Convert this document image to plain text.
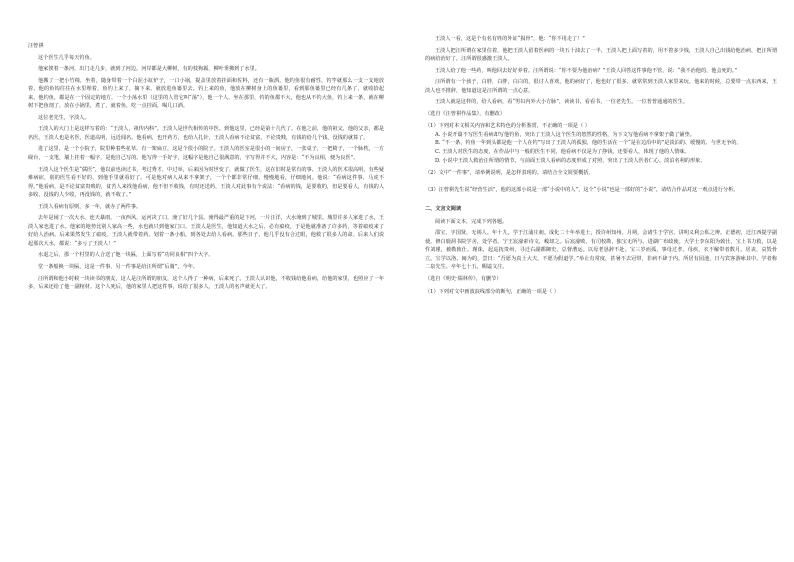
汪曾祺

这个医生几乎每天钓鱼。

他家挨着一条河，出门走几步，就到了河边。河岸都是大柳树，有的枝狗霸，柳叶垂拂到了水里。

他搬了一把小竹椅，坐着，随身带着一个白泥小缸炉子，一口小锅，提盖里放着挂面和佐料，还有一瓶酒。他钓鱼很有耐性，钓竿就那么一支一支地放着，他的鱼钩往往在水里埋着，鱼钓上来了，摘下来，就放进鱼篓里去。钓上来的鱼，他放在柳树身上的鱼篓里，看到那鱼篓里已经有几条了，就收拾起来。他钓鱼，都是在一个固定的地方，一个小荡水里（这里的人管它叫“荡”），他一个人，坐在那里，钓的鱼都不大，他也从不钓大鱼，钓上来一条，就在柳树下把鱼剖了，放在小锅里，煮了，就着鱼，吃一点挂面，喝几口酒。

这位老先生，字淡人。

王淡人的大门上是这样写着的：“王淡人，祖传内科”。王淡人是世代相传的中医。到他这里，已经是第十几代了。在他之前，他的祖父，他的父亲，都是名医。王淡人也是名医，医道高明，远近闻名。他看病，也开药方，也给人扎针，王淡人看病不论贫富，不论贵贱，有钱的给几个钱，没钱的就算了。

进了这里，是一个小院子，院里种着些花草。有一架扁豆，这是个很小的院子。王淡人的医室是很小的一间房子，一张桌子，一把椅子，一个脉枕，一方砚台，一支笔，墙上挂着一幅字，是他自己写的。他写得一手好字，这幅字是他自己很满意的，字写得并不大，内容是：“不为良相，便为良医”。

王淡人这个医生是“儒医”，他以前也读过书，考过秀才，中过举，后来因为时世变了，就做了医生，这在旧时是常有的事。王淡人的医术很高明，有些疑难病症，别的医生看不好的，到他手里就看好了。可是他对病人从来不拿架子，一个个都非常仔细，慢慢地看，仔细地问。他说：“看病这件事，马虎不得。”他看病，是不论贫富贵贱的，贫苦人来找他看病，他不但不收钱，有时还送药，王淡人对此事有个说法：“看病的钱，是要收的，但是要看人，有钱的人多收，没钱的人少收，再没钱的，就不收了。”

王淡人看病有原则，多一年，就办了两件事。

去年是闹了一次大水。连天暴雨，一夜西风，运河决了口，淹了好几个县。淹得最严重的是下河，一片汪洋，大水淹到了城里。城里许多人家进了水，王淡人家也进了水。他家的地势比别人家高一些，水也就只到他家门口。王淡人是医生，他知道大水之后，必有瘟疫，于是他就准备了许多药，等着瘟疫来了好给人治病。后来果然发生了瘟疫。王淡人就带着药，划着一条小船，到各处去给人看病。那些日子，他几乎没有合过眼，他救了很多人的命。后来人们说起那次大水，都说：“多亏了王淡人！”

水退之后，那一个村里的人合送了他一块匾，上面写着“功同良相”四个大字。

堂一条船换一块匾，这是一件事，另一件事是给汪所谓“后骑”，今年。

汪所谓和他小时候一块读书的朋友，这人是汪所谓的朋友，这个人得了一种病，后来死了。王淡人认识他，不收钱给他看病，给他的家里，也照应了一年多，后来还给了他一副棺材。这个人死后，他的家里人把这件事，说给了很多人，王淡人的名声就更大了。

王淡人一看，这是个有名有姓的外证“损骨”，他：“你不用走了！”

王淡人把汪所谓在家里住着，他把王淡人留着医病的一块五十油去了一半，王淡人把上面写着的，用不着多少钱，王淡人自己出钱给他治病，把汪所谓的病给治好了，汪所谓很感激王淡人。

王淡人给了他一些药，叫他回去好好养着。汪所谓说：“你不要为他治病？”王淡人回答这件事他不管，说：“我不治他的，他会死的。”

汪所谓有一个孩子，白胖，白胖，白白的，很讨人喜欢，他的病好了，他也好了很多，就常常到王淡人家里来玩。他来的时候，总要带一点东西来，王淡人也不推辞，他知道这是汪所谓的一点心意。

王淡人就是这样的，给人看病，看“男妇内外大小方脉”，读读书，看看书，一位老先生。一位普普通通的医生。

（选自《汪曾祺作品集》，有删改）

（1）下列对本文相关内容和艺术特色的分析鉴赏，不正确的一项是（ ）

A. 小说开篇不写医生看病却写他钓鱼，突出了王淡人这个医生的悠然的性格，为下文写他看病不拿架子做了铺垫。

B. “不一条，钓鱼一年到头都是他一个人在钓”写出了王淡人的孤独，他的生活在一个“是在边沿中的”是淡泊的、缓慢的、与世无争的。

C. 王淡人对医生的态度，在作品中与一般的医生不同，他看病不仅是为了挣钱，还要看人，体现了他的人情味。

D. 小说中王淡人救治汪所谓的情节，与前面王淡人看病的态度形成了对照，突出了王淡人医者仁心、淡泊名利的形象。

（2）文中“一件事”，请举例说明，是怎样表现的。请结合全文简要概括。

（3）汪曾祺先生说“经营生活”，他的这部小说是一部“小说中的人”，这个“小说”也是一部好的“小说”，请结合作品对这一观点进行分析。

二、文言文阅读

阅读下面文本，完成下列各题。

邵宝，字国贤，无锡人。年十九，学于江浦庄昶。成化二十年举进士，授许州知州。月朔，会诸生于学宫，讲明义利公私之辨。正德初，迁江西提学副使。修白鹿洞书院学舍，处学者。宁王宸濠索诗文，峻却之。后宸濠败，有司校勘，独宝无所与。进湖广布政使。大学士李东阳为致仕，宝上书力救，以是忤刘瑾，被勒致仕。瑾诛，起巡抚贵州，寻迁右副都御史，总督漕运。以母老恳辞不赴。宝三岁而孤，事母过孝。母疾，衣不解带者数月。居丧，哀毁骨立。宝学以洛、闽为的，尝曰：“吾愿为真士大夫，不愿为假道学。”举止有常度，甚暑不去冠带，非病不肆于内。所居有园池，日与宾客游咏其中。学者称二泉先生。卒年七十五，赐谥文庄。

（选自《明史·儒林传》，有删节）

（1）下列对文中画波浪线部分的断句，正确的一项是（ ）
